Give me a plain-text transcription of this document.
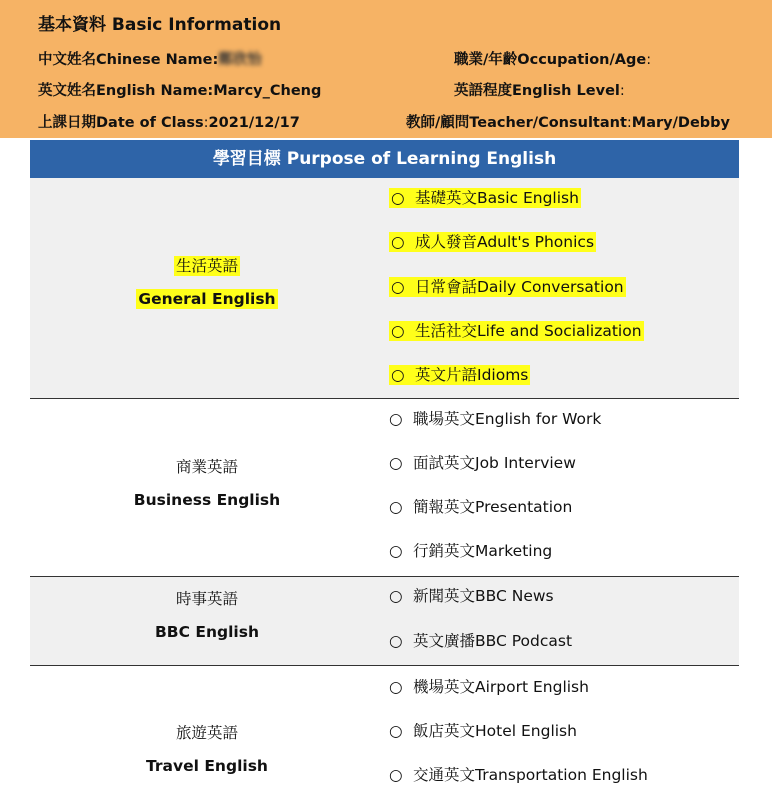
基本資料 Basic Information
中文姓名Chinese Name:鄭欣怡	職業/年齡Occupation/Age:
英文姓名English Name:Marcy_Cheng	英語程度English Level:
上課日期Date of Class:2021/12/17	教師/顧問Teacher/Consultant:Mary/Debby
學習目標 Purpose of Learning English
生活英語
General English
○ 基礎英文Basic English
○ 成人發音Adult's Phonics
○ 日常會話Daily Conversation
○ 生活社交Life and Socialization
○ 英文片語Idioms
商業英語
Business English
○ 職場英文English for Work
○ 面試英文Job Interview
○ 簡報英文Presentation
○ 行銷英文Marketing
時事英語
BBC English
○ 新聞英文BBC News
○ 英文廣播BBC Podcast
旅遊英語
Travel English
○ 機場英文Airport English
○ 飯店英文Hotel English
○ 交通英文Transportation English
